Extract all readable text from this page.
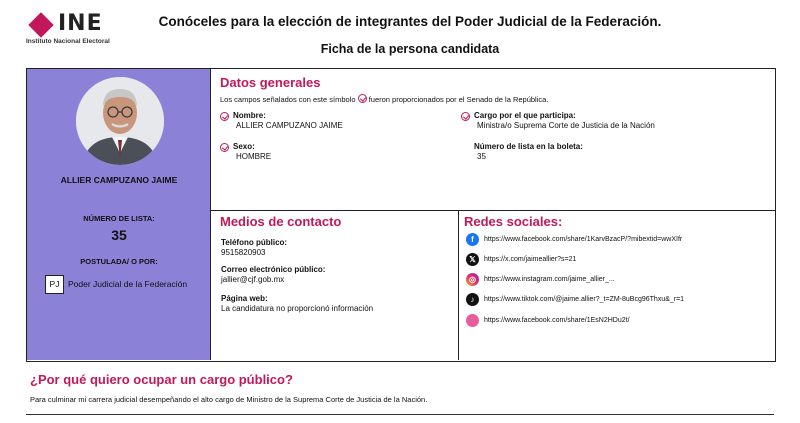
INE
Instituto Nacional Electoral
Conóceles para la elección de integrantes del Poder Judicial de la Federación.
Ficha de la persona candidata
ALLIER CAMPUZANO JAIME
NÚMERO DE LISTA:
35
POSTULADA/ O POR:
PJ	Poder Judicial de la Federación
Datos generales
Los campos señalados con este símbolo fueron proporcionados por el Senado de la República.
Nombre:
ALLIER CAMPUZANO JAIME
Sexo:
HOMBRE
Cargo por el que participa:
Ministra/o Suprema Corte de Justicia de la Nación
Número de lista en la boleta:
35
Medios de contacto
Teléfono público:
9515820903
Correo electrónico público:
jallier@cjf.gob.mx
Página web:
La candidatura no proporcionó información
Redes sociales:
f	https://www.facebook.com/share/1KarvBzacP/?mibextid=wwXIfr
𝕏	https://x.com/jaimeallier?s=21
◎	https://www.instagram.com/jaime_allier_...
♪	https://www.tiktok.com/@jaime.allier?_t=ZM-8uBcg96Thxu&_r=1
https://www.facebook.com/share/1EsN2HDu2t/
¿Por qué quiero ocupar un cargo público?
Para culminar mi carrera judicial desempeñando el alto cargo de Ministro de la Suprema Corte de Justicia de la Nación.
